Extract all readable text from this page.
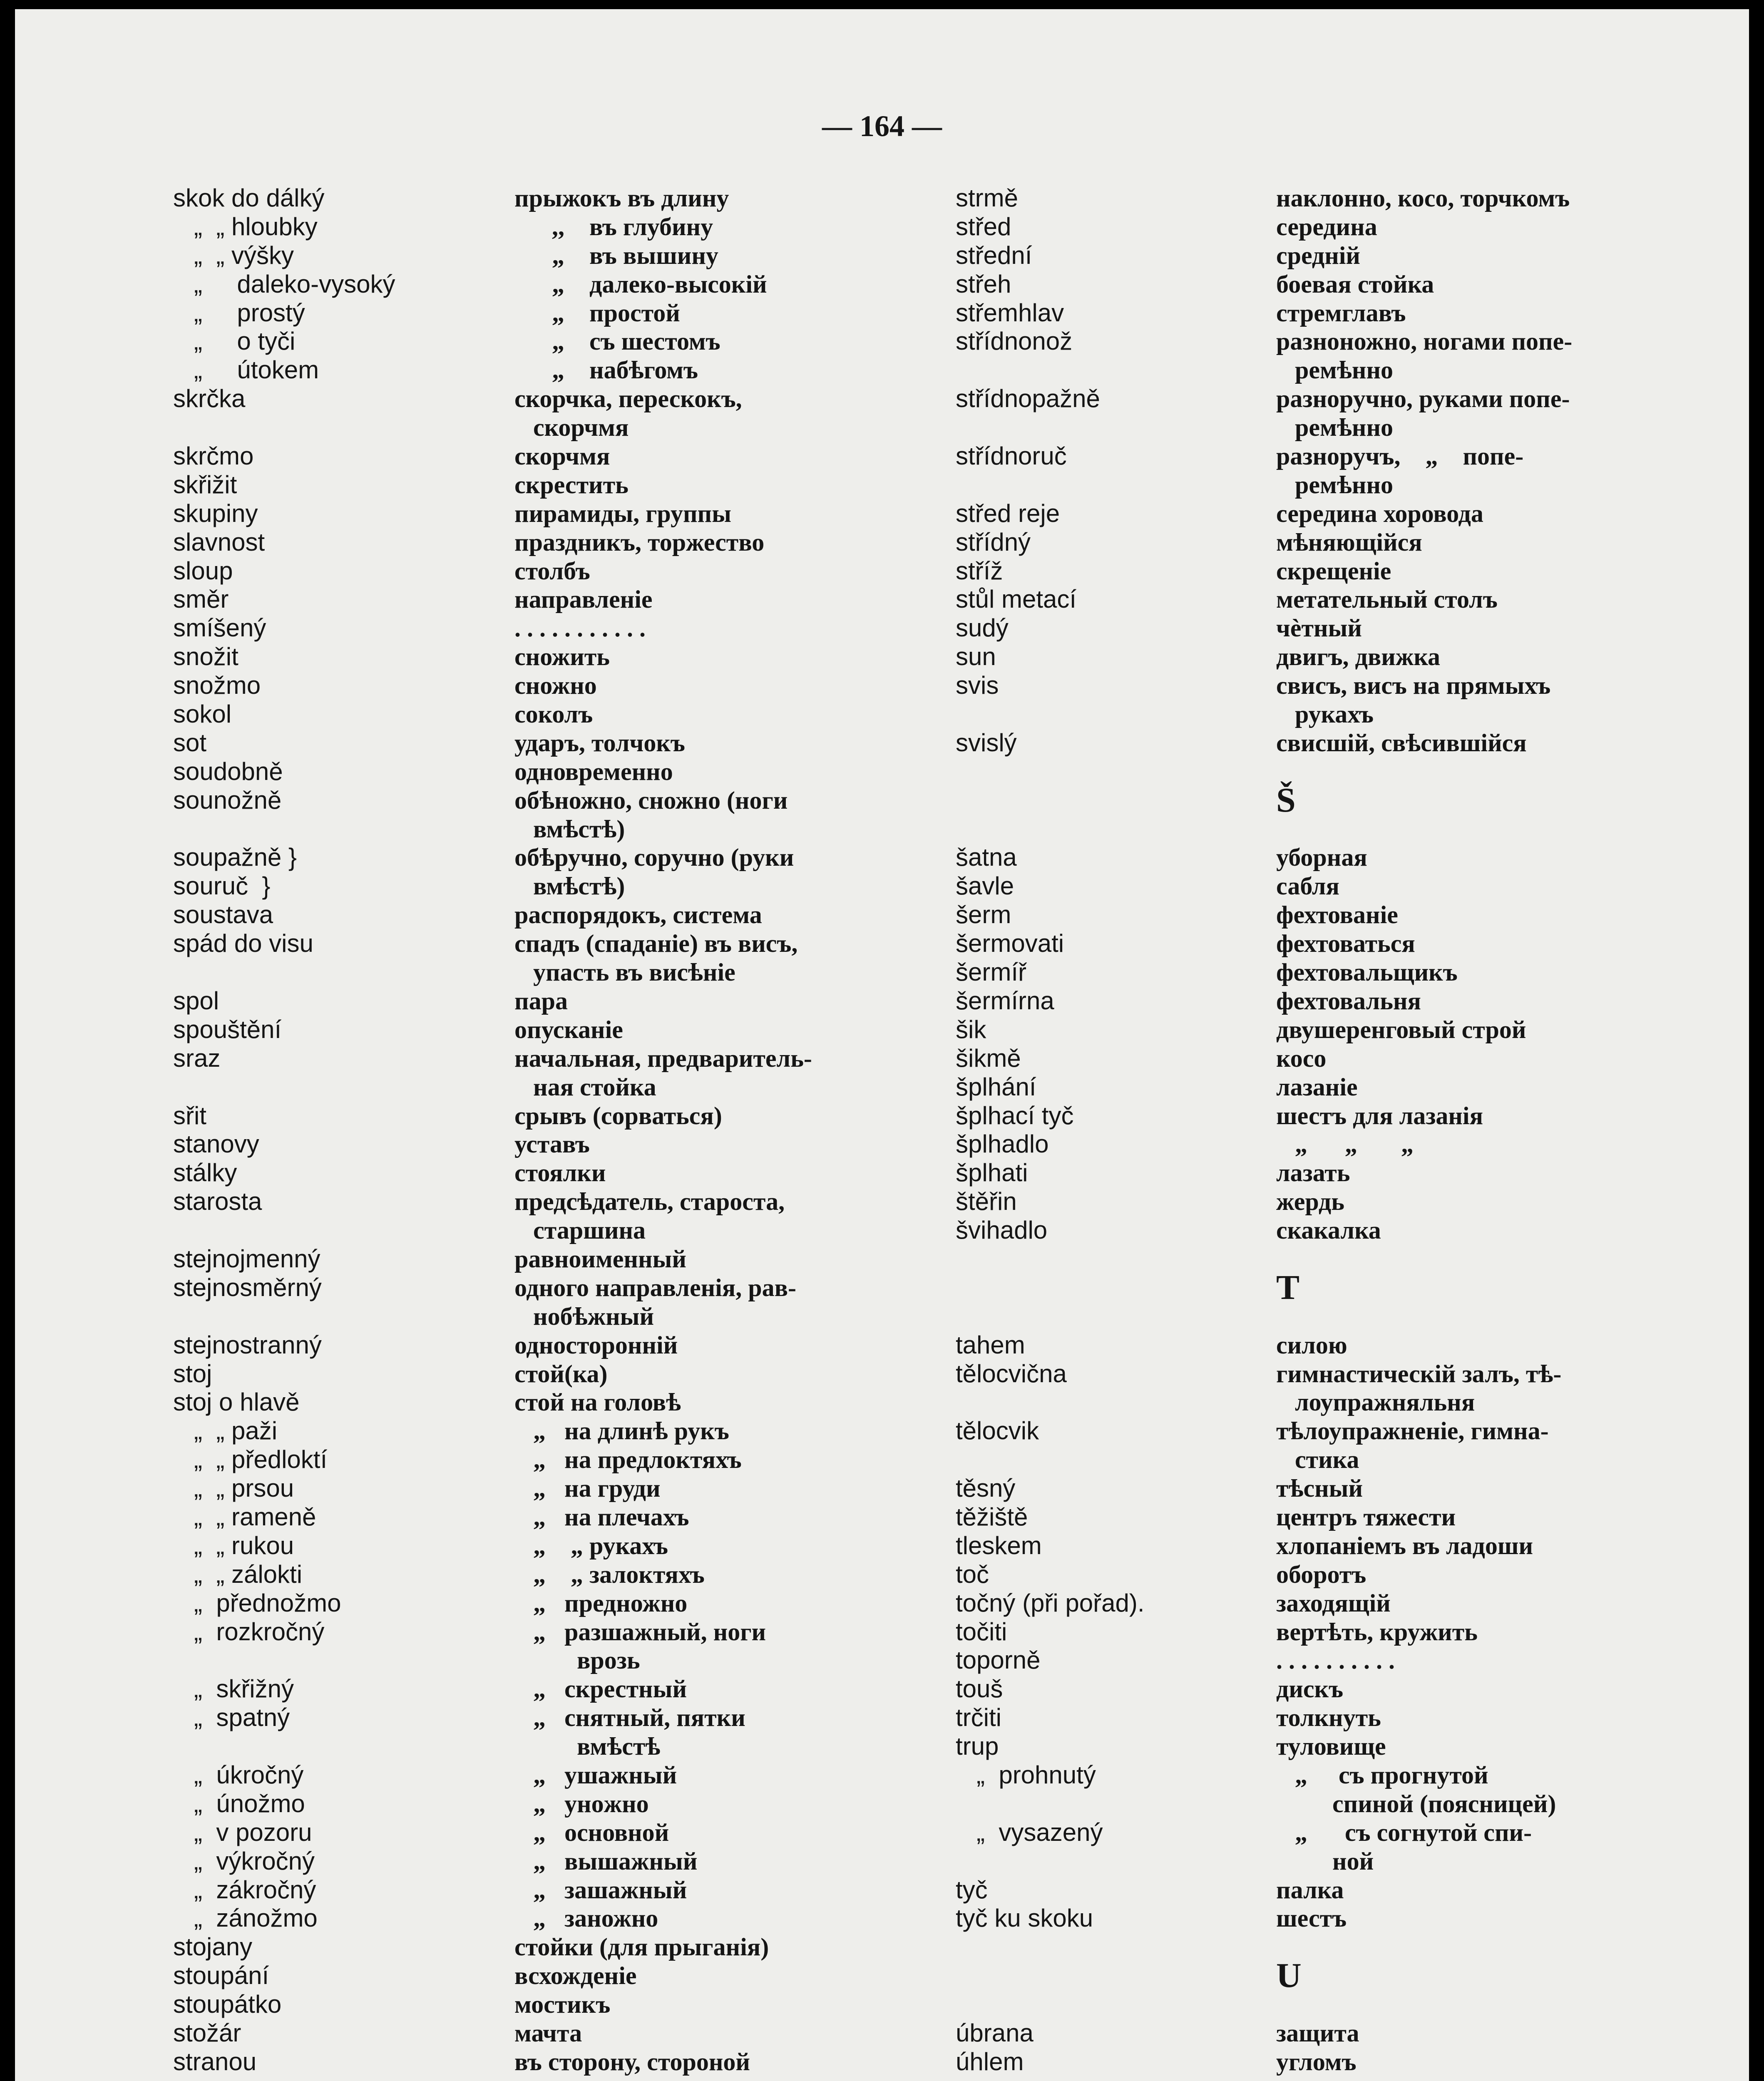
— 164 —
skok do dálký
„  „ hloubky
„  „ výšky
„     daleko-vysoký
„     prostý
„     o tyči
„     útokem
skrčka
skrčmo
skřižit
skupiny
slavnost
sloup
směr
smíšený
snožit
snožmo
sokol
sot
soudobně
sounožně
soupažně }
souruč  }
soustava
spád do visu
spol
spouštění
sraz
sřit
stanovy
stálky
starosta
stejnojmenný
stejnosměrný
stejnostranný
stoj
stoj o hlavě
„  „ paži
„  „ předloktí
„  „ prsou
„  „ rameně
„  „ rukou
„  „ zálokti
„  přednožmo
„  rozkročný
„  skřižný
„  spatný
„  úkročný
„  únožmo
„  v pozoru
„  výkročný
„  zákročný
„  zánožmo
stojany
stoupání
stoupátko
stožár
stranou
прыжокъ въ длину
,,    въ глубину
„    въ вышину
„    далеко-высокій
„    простой
„    съ шестомъ
„    набѣгомъ
скорчка, перескокъ,
скорчмя
скорчмя
скрестить
пирамиды, группы
праздникъ, торжество
столбъ
направленіе
. . . . . . . . . . .
сножить
сножно
соколъ
ударъ, толчокъ
одновременно
обѣножно, сножно (ноги
вмѣстѣ)
обѣручно, соручно (руки
вмѣстѣ)
распорядокъ, система
спадъ (спаданіе) въ висъ,
упасть въ висѣніе
пара
опусканіе
начальная, предваритель-
ная стойка
срывъ (сорваться)
уставъ
стоялки
предсѣдатель, староста,
старшина
равноименный
одного направленія, рав-
нобѣжный
односторонній
стой(ка)
стой на головѣ
„   на длинѣ рукъ
„   на предлоктяхъ
„   на груди
„   на плечахъ
„    „ рукахъ
„    „ залоктяхъ
„   предножно
„   разшажный, ноги
врозь
„   скрестный
„   снятный, пятки
вмѣстѣ
„   ушажный
„   унoжно
„   основной
„   вышажный
„   зашажный
„   заножно
стойки (для прыганія)
всхожденіе
мостикъ
мачта
въ сторону, стороной
strmě
střed
střední
střeh
střemhlav
střídnonož
střídnopažně
střídnoruč
střed reje
střídný
stříž
stůl metací
sudý
sun
svis
svislý
šatna
šavle
šerm
šermovati
šermíř
šermírna
šik
šikmě
šplhání
šplhací tyč
šplhadlo
šplhati
štěřin
švihadlo
tahem
tělocvična
tělocvik
těsný
těžiště
tleskem
toč
točný (při pořad).
točiti
toporně
touš
trčiti
trup
„  prohnutý
„  vysazený
tyč
tyč ku skoku
úbrana
úhlem
наклонно, косо, торчкомъ
середина
средній
боевая стойка
стремглавъ
разноножно, ногами попе-
ремѣнно
разноручно, руками попе-
ремѣнно
разноручъ,    „    попе-
ремѣнно
середина хоровода
мѣняющійся
скрещеніе
метательный столъ
чѐтный
двигъ, движка
свисъ, висъ на прямыхъ
рукахъ
свисшій, свѣсившійся
Š
уборная
сабля
фехтованіе
фехтоваться
фехтовальщикъ
фехтовальня
двушеренговый строй
косо
лазаніе
шестъ для лазанія
„      „       „
лазать
жердь
скакалка
T
силою
гимнастическій залъ, тѣ-
лоупражняльня
тѣлоупражненіе, гимна-
стика
тѣсный
центръ тяжести
хлопаніемъ въ ладоши
оборотъ
заходящій
вертѣть, кружить
. . . . . . . . . .
дискъ
толкнуть
туловище
„     съ прогнутой
спиной (поясницей)
„      съ согнутой спи-
ной
палка
шестъ
U
защита
угломъ
